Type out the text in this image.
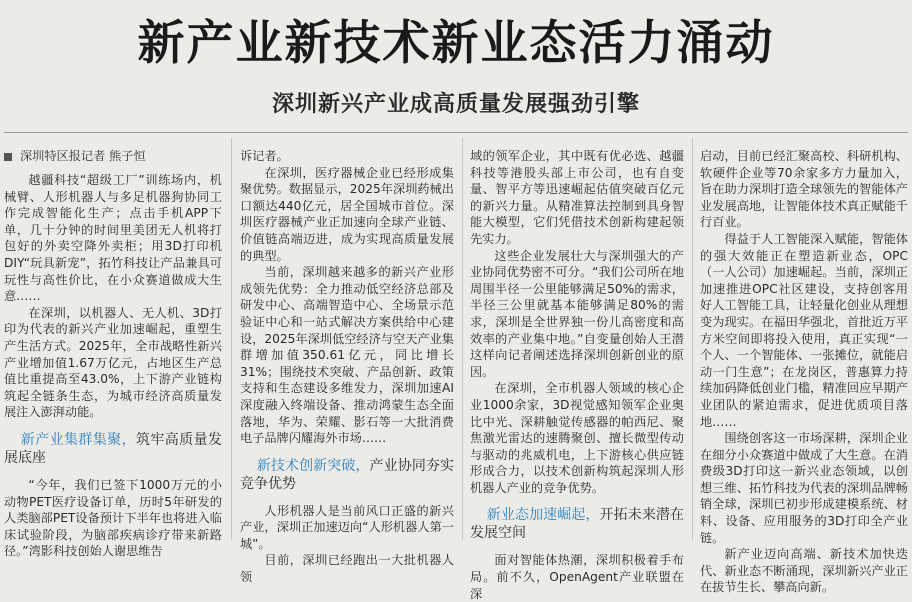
新产业新技术新业态活力涌动
深圳新兴产业成高质量发展强劲引擎
深圳特区报记者 熊子恒

越疆科技“超级工厂”训练场内，机械臂、人形机器人与多足机器狗协同工作完成智能化生产；点击手机APP下单，几十分钟的时间里美团无人机将打包好的外卖空降外卖柜；用3D打印机DIY“玩具新宠”，拓竹科技让产品兼具可玩性与高性价比，在小众赛道做成大生意……

在深圳，以机器人、无人机、3D打印为代表的新兴产业加速崛起，重塑生产生活方式。2025年，全市战略性新兴产业增加值1.67万亿元，占地区生产总值比重提高至43.0%，上下游产业链构筑起全链条生态，为城市经济高质量发展注入澎湃动能。

新产业集群集聚，筑牢高质量发展底座

“今年，我们已签下1000万元的小动物PET医疗设备订单，历时5年研发的人类脑部PET设备预计下半年也将进入临床试验阶段，为脑部疾病诊疗带来新路径。”湾影科技创始人谢思维告

诉记者。

在深圳，医疗器械企业已经形成集聚优势。数据显示，2025年深圳药械出口额达440亿元，居全国城市首位。深圳医疗器械产业正加速向全球产业链、价值链高端迈进，成为实现高质量发展的典型。

当前，深圳越来越多的新兴产业形成领先优势：全力推动低空经济总部及研发中心、高端智造中心、全场景示范验证中心和一站式解决方案供给中心建设，2025年深圳低空经济与空天产业集群增加值350.61亿元，同比增长31%；围绕技术突破、产品创新、政策支持和生态建设多维发力，深圳加速AI深度融入终端设备、推动鸿蒙生态全面落地，华为、荣耀、影石等一大批消费电子品牌闪耀海外市场……

新技术创新突破，产业协同夯实竞争优势

人形机器人是当前风口正盛的新兴产业，深圳正加速迈向“人形机器人第一城”。

目前，深圳已经跑出一大批机器人领

域的领军企业，其中既有优必选、越疆科技等港股头部上市公司，也有自变量、智平方等迅速崛起估值突破百亿元的新兴力量。从精准算法控制到具身智能大模型，它们凭借技术创新构建起领先实力。

这些企业发展壮大与深圳强大的产业协同优势密不可分。“我们公司所在地周围半径一公里能够满足50%的需求，半径三公里就基本能够满足80%的需求，深圳是全世界独一份儿高密度和高效率的产业集中地。”自变量创始人王潜这样向记者阐述选择深圳创新创业的原因。

在深圳，全市机器人领域的核心企业1000余家，3D视觉感知领军企业奥比中光、深耕触觉传感器的帕西尼、聚焦激光雷达的速腾聚创、擅长微型传动与驱动的兆威机电，上下游核心供应链形成合力，以技术创新构筑起深圳人形机器人产业的竞争优势。

新业态加速崛起，开拓未来潜在发展空间

面对智能体热潮，深圳积极着手布局。前不久，OpenAgent产业联盟在深

启动，目前已经汇聚高校、科研机构、软硬件企业等70余家多方力量加入，旨在助力深圳打造全球领先的智能体产业发展高地，让智能体技术真正赋能千行百业。

得益于人工智能深入赋能，智能体的强大效能正在塑造新业态，OPC（一人公司）加速崛起。当前，深圳正加速推进OPC社区建设，支持创客用好人工智能工具，让轻量化创业从理想变为现实。在福田华强北，首批近万平方米空间即将投入使用，真正实现“一个人、一个智能体、一张摊位，就能启动一门生意”；在龙岗区，普惠算力持续加码降低创业门槛，精准回应早期产业团队的紧迫需求，促进优质项目落地……

围绕创客这一市场深耕，深圳企业在细分小众赛道中做成了大生意。在消费级3D打印这一新兴业态领域，以创想三维、拓竹科技为代表的深圳品牌畅销全球，深圳已初步形成建模系统、材料、设备、应用服务的3D打印全产业链。

新产业迈向高端、新技术加快迭代、新业态不断涌现，深圳新兴产业正在拔节生长、攀高向新。
